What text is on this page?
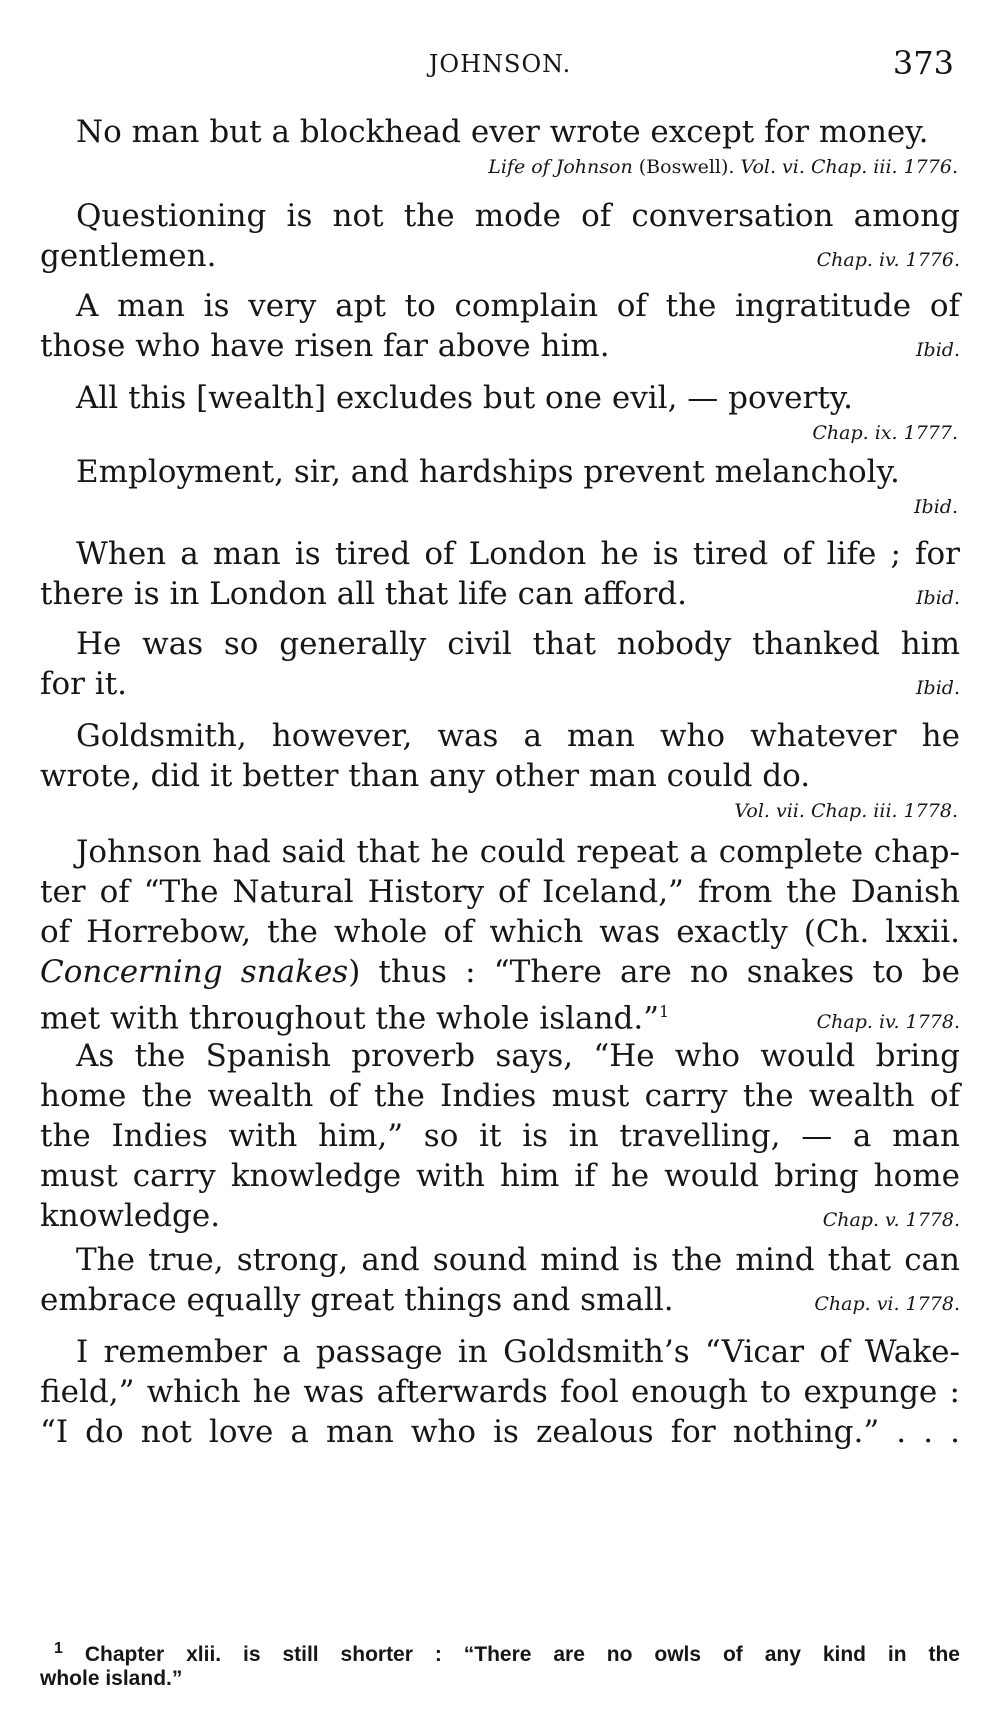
JOHNSON.	373
No man but a blockhead ever wrote except for money.
Life of Johnson (Boswell). Vol. vi. Chap. iii. 1776.
Questioning is not the mode of conversation among
gentlemen.	Chap. iv. 1776.
A man is very apt to complain of the ingratitude of
those who have risen far above him.	Ibid.
All this [wealth] excludes but one evil, — poverty.
Chap. ix. 1777.
Employment, sir, and hardships prevent melancholy.
Ibid.
When a man is tired of London he is tired of life ; for
there is in London all that life can afford.	Ibid.
He was so generally civil that nobody thanked him
for it.	Ibid.
Goldsmith, however, was a man who whatever he
wrote, did it better than any other man could do.
Vol. vii. Chap. iii. 1778.
Johnson had said that he could repeat a complete chap-
ter of “The Natural History of Iceland,” from the Danish
of Horrebow, the whole of which was exactly (Ch. lxxii.
Concerning snakes) thus : “There are no snakes to be
met with throughout the whole island.”$^1$	Chap. iv. 1778.
As the Spanish proverb says, “He who would bring
home the wealth of the Indies must carry the wealth of
the Indies with him,” so it is in travelling, — a man
must carry knowledge with him if he would bring home
knowledge.	Chap. v. 1778.
The true, strong, and sound mind is the mind that can
embrace equally great things and small.	Chap. vi. 1778.
I remember a passage in Goldsmith’s “Vicar of Wake-
field,” which he was afterwards fool enough to expunge :
“I do not love a man who is zealous for nothing.” . . .
$^1$ Chapter xlii. is still shorter : “There are no owls of any kind in the
whole island.”
